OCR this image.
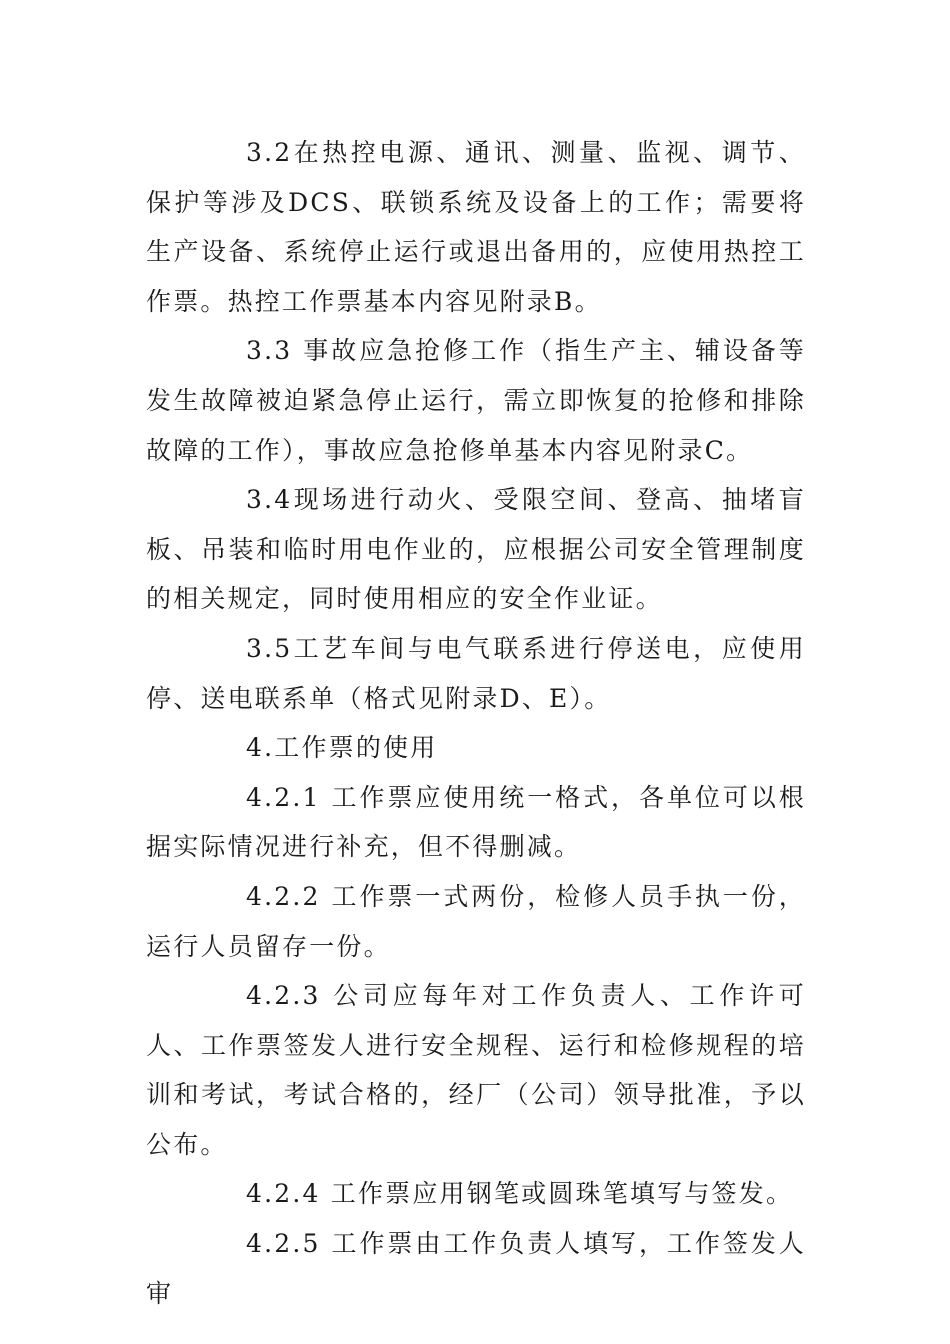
3.2在热控电源、通讯、测量、监视、调节、保护等涉及DCS、联锁系统及设备上的工作；需要将生产设备、系统停止运行或退出备用的，应使用热控工作票。热控工作票基本内容见附录B。

3.3 事故应急抢修工作（指生产主、辅设备等发生故障被迫紧急停止运行，需立即恢复的抢修和排除故障的工作），事故应急抢修单基本内容见附录C。

3.4现场进行动火、受限空间、登高、抽堵盲板、吊装和临时用电作业的，应根据公司安全管理制度的相关规定，同时使用相应的安全作业证。

3.5工艺车间与电气联系进行停送电，应使用停、送电联系单（格式见附录D、E）。

4.工作票的使用

4.2.1 工作票应使用统一格式，各单位可以根据实际情况进行补充，但不得删减。

4.2.2 工作票一式两份，检修人员手执一份，运行人员留存一份。

4.2.3 公司应每年对工作负责人、工作许可人、工作票签发人进行安全规程、运行和检修规程的培训和考试，考试合格的，经厂（公司）领导批准，予以公布。

4.2.4 工作票应用钢笔或圆珠笔填写与签发。

4.2.5 工作票由工作负责人填写，工作签发人审
